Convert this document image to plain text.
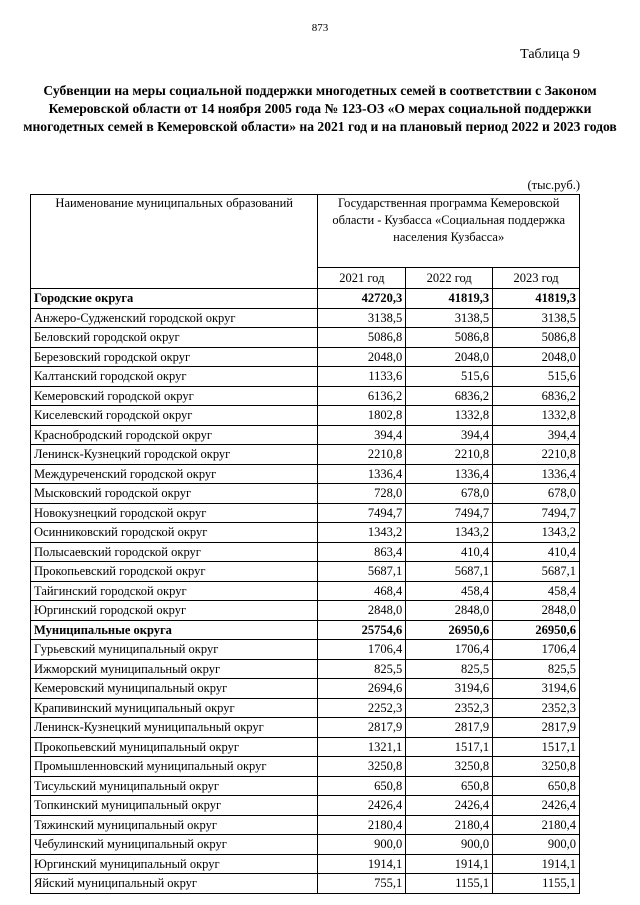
873
Таблица 9
Субвенции на меры социальной поддержки многодетных семей в соответствии с Законом Кемеровской области от 14 ноября 2005 года № 123-ОЗ «О мерах социальной поддержки многодетных семей в Кемеровской области» на 2021 год и на плановый период 2022 и 2023 годов
(тыс.руб.)
Наименование муниципальных образований	Государственная программа Кемеровской области - Кузбасса «Социальная поддержка населения Кузбасса»		
	2021 год	2022 год	2023 год
Городские округа	42720,3	41819,3	41819,3
Анжеро-Судженский городской округ	3138,5	3138,5	3138,5
Беловский городской округ	5086,8	5086,8	5086,8
Березовский городской округ	2048,0	2048,0	2048,0
Калтанский городской округ	1133,6	515,6	515,6
Кемеровский городской округ	6136,2	6836,2	6836,2
Киселевский городской округ	1802,8	1332,8	1332,8
Краснобродский городской округ	394,4	394,4	394,4
Ленинск-Кузнецкий городской округ	2210,8	2210,8	2210,8
Междуреченский городской округ	1336,4	1336,4	1336,4
Мысковский городской округ	728,0	678,0	678,0
Новокузнецкий городской округ	7494,7	7494,7	7494,7
Осинниковский городской округ	1343,2	1343,2	1343,2
Полысаевский городской округ	863,4	410,4	410,4
Прокопьевский городской округ	5687,1	5687,1	5687,1
Тайгинский городской округ	468,4	458,4	458,4
Юргинский городской округ	2848,0	2848,0	2848,0
Муниципальные округа	25754,6	26950,6	26950,6
Гурьевский муниципальный округ	1706,4	1706,4	1706,4
Ижморский муниципальный округ	825,5	825,5	825,5
Кемеровский муниципальный округ	2694,6	3194,6	3194,6
Крапивинский муниципальный округ	2252,3	2352,3	2352,3
Ленинск-Кузнецкий муниципальный округ	2817,9	2817,9	2817,9
Прокопьевский муниципальный округ	1321,1	1517,1	1517,1
Промышленновский муниципальный округ	3250,8	3250,8	3250,8
Тисульский муниципальный округ	650,8	650,8	650,8
Топкинский муниципальный округ	2426,4	2426,4	2426,4
Тяжинский муниципальный округ	2180,4	2180,4	2180,4
Чебулинский муниципальный округ	900,0	900,0	900,0
Юргинский муниципальный округ	1914,1	1914,1	1914,1
Яйский муниципальный округ	755,1	1155,1	1155,1
